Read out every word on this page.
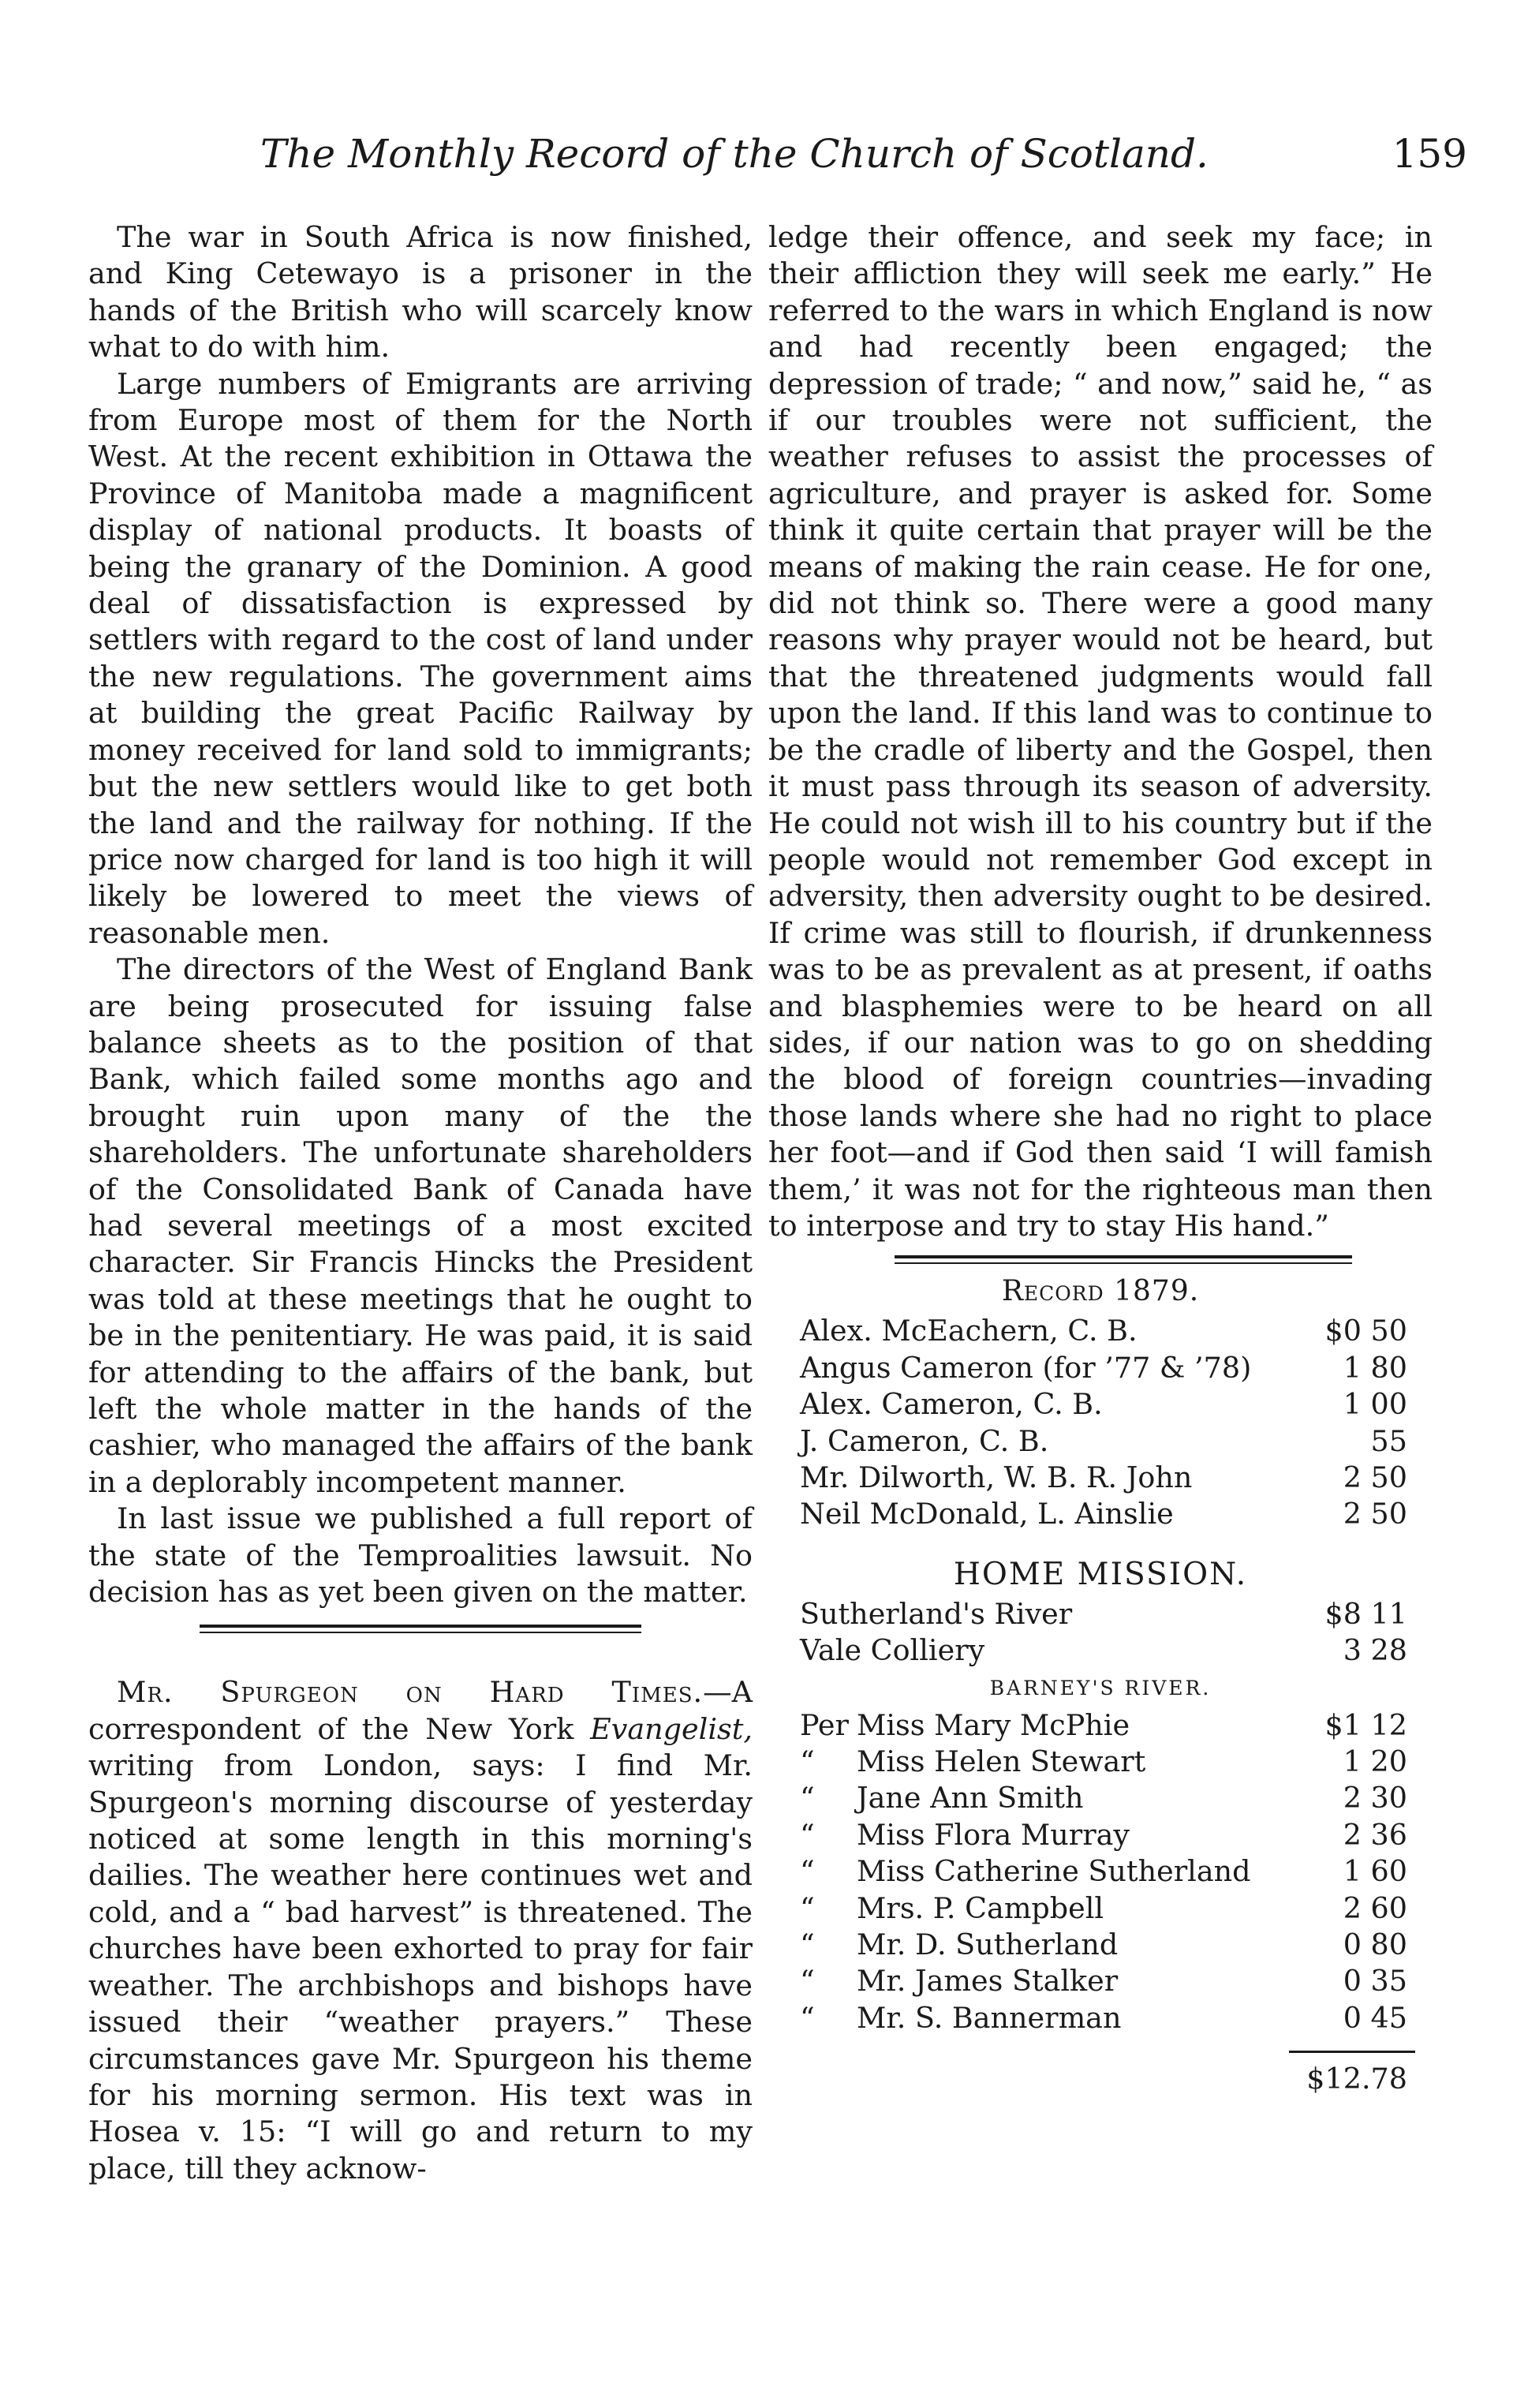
The Monthly Record of the Church of Scotland.	159

The war in South Africa is now finished, and King Cetewayo is a prisoner in the hands of the British who will scarcely know what to do with him.

Large numbers of Emigrants are arriving from Europe most of them for the North West. At the recent exhibition in Ottawa the Province of Manitoba made a magnificent display of national products. It boasts of being the granary of the Dominion. A good deal of dissatisfaction is expressed by settlers with regard to the cost of land under the new regulations. The government aims at building the great Pacific Railway by money received for land sold to immigrants; but the new settlers would like to get both the land and the railway for nothing. If the price now charged for land is too high it will likely be lowered to meet the views of reasonable men.

The directors of the West of England Bank are being prosecuted for issuing false balance sheets as to the position of that Bank, which failed some months ago and brought ruin upon many of the the shareholders. The unfortunate shareholders of the Consolidated Bank of Canada have had several meetings of a most excited character. Sir Francis Hincks the President was told at these meetings that he ought to be in the penitentiary. He was paid, it is said for attending to the affairs of the bank, but left the whole matter in the hands of the cashier, who managed the affairs of the bank in a deplorably incompetent manner.

In last issue we published a full report of the state of the Temproalities lawsuit. No decision has as yet been given on the matter.

Mr. Spurgeon on Hard Times.—A correspondent of the New York Evangelist, writing from London, says: I find Mr. Spurgeon's morning discourse of yesterday noticed at some length in this morning's dailies. The weather here continues wet and cold, and a “ bad harvest” is threatened. The churches have been exhorted to pray for fair weather. The archbishops and bishops have issued their “weather prayers.” These circumstances gave Mr. Spurgeon his theme for his morning sermon. His text was in Hosea v. 15: “I will go and return to my place, till they acknow-

ledge their offence, and seek my face; in their affliction they will seek me early.” He referred to the wars in which England is now and had recently been engaged; the depression of trade; “ and now,” said he, “ as if our troubles were not sufficient, the weather refuses to assist the processes of agriculture, and prayer is asked for. Some think it quite certain that prayer will be the means of making the rain cease. He for one, did not think so. There were a good many reasons why prayer would not be heard, but that the threatened judgments would fall upon the land. If this land was to continue to be the cradle of liberty and the Gospel, then it must pass through its season of adversity. He could not wish ill to his country but if the people would not remember God except in adversity, then adversity ought to be desired. If crime was still to flourish, if drunkenness was to be as prevalent as at present, if oaths and blasphemies were to be heard on all sides, if our nation was to go on shedding the blood of foreign countries—invading those lands where she had no right to place her foot—and if God then said ‘I will famish them,’ it was not for the righteous man then to interpose and try to stay His hand.”

Record 1879.
Alex. McEachern, C. B.	$0 50
Angus Cameron (for ’77 & ’78)	1 80
Alex. Cameron, C. B.	1 00
J. Cameron, C. B.	55
Mr. Dilworth, W. B. R. John	2 50
Neil McDonald, L. Ainslie	2 50
HOME MISSION.
Sutherland's River	$8 11
Vale Colliery	3 28
BARNEY'S RIVER.
Per Miss Mary McPhie	$1 12
“	Miss Helen Stewart	1 20
“	Jane Ann Smith	2 30
“	Miss Flora Murray	2 36
“	Miss Catherine Sutherland	1 60
“	Mrs. P. Campbell	2 60
“	Mr. D. Sutherland	0 80
“	Mr. James Stalker	0 35
“	Mr. S. Bannerman	0 45
$12.78
